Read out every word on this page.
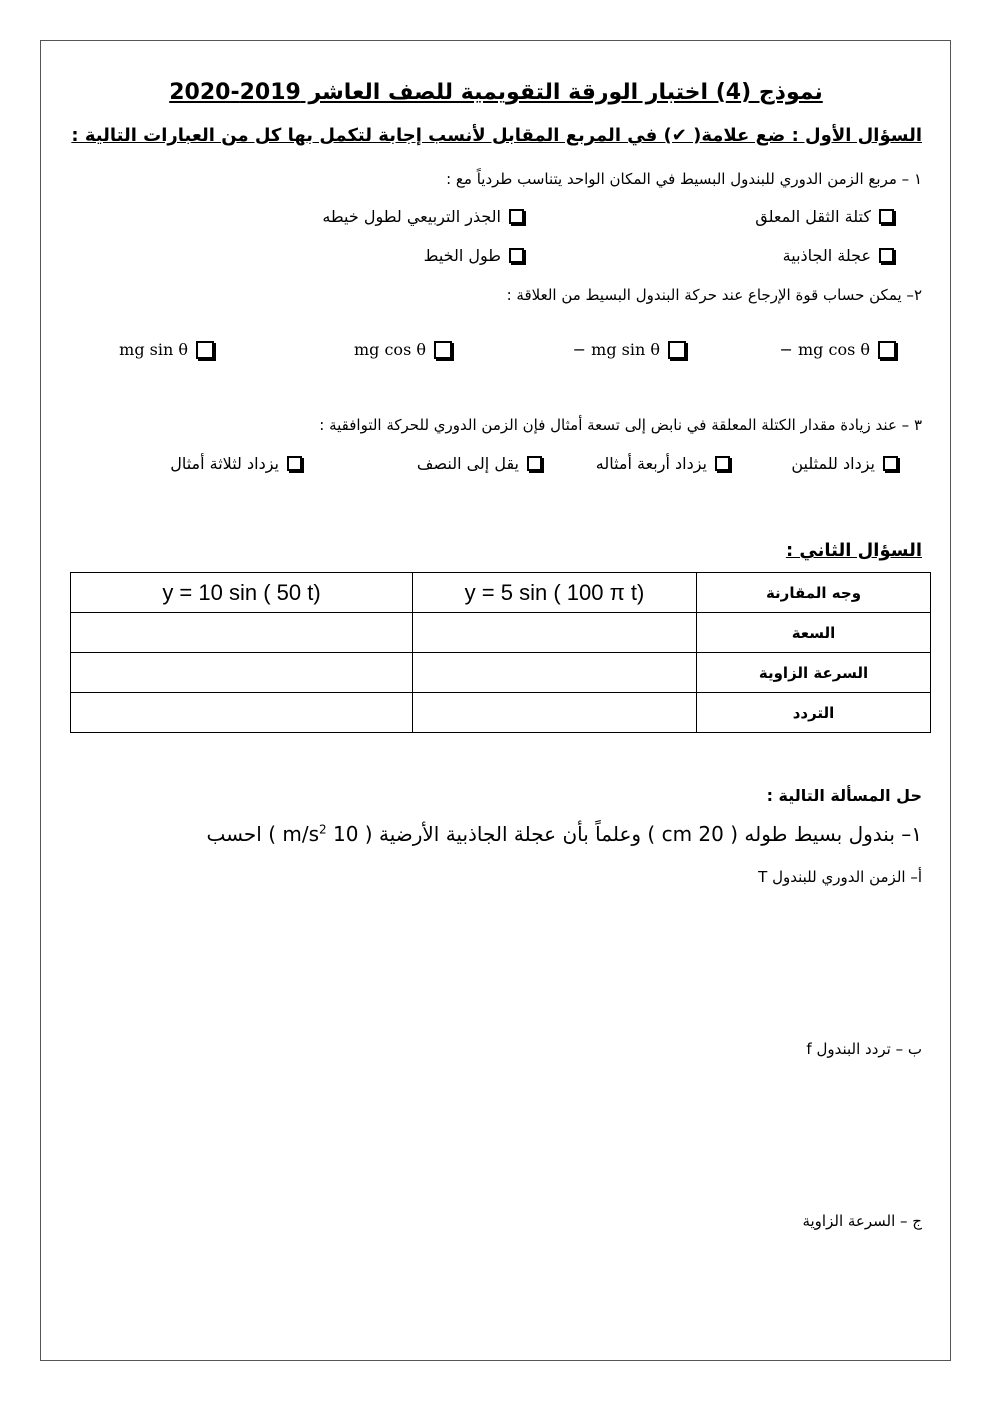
نموذج (4) اختبار الورقة التقويمية للصف العاشر 2019-2020
السؤال الأول : ضع علامة( ✔) في المربع المقابل لأنسب إجابة لتكمل بها كل من العبارات التالية :
١ – مربع الزمن الدوري للبندول البسيط في المكان الواحد يتناسب طردياً مع :
كتلة الثقل المعلق
الجذر التربيعي لطول خيطه
عجلة الجاذبية
طول الخيط
٢– يمكن حساب قوة الإرجاع عند حركة البندول البسيط من العلاقة :
− mg cos θ
− mg sin θ
mg cos θ
mg sin θ
٣ – عند زيادة مقدار الكتلة المعلقة في نابض إلى تسعة أمثال فإن الزمن الدوري للحركة التوافقية :
يزداد للمثلين
يزداد أربعة أمثاله
يقل إلى النصف
يزداد لثلاثة أمثال
السؤال الثاني :
وجه المقارنة	y = 5 sin ( 100 π t)	y = 10 sin ( 50 t)
السعة		
السرعة الزاوية		
التردد		
حل المسألة التالية :
١– بندول بسيط طوله ( 20 cm ) وعلماً بأن عجلة الجاذبية الأرضية ( 10 $m/s^2$ ) احسب
أ– الزمن الدوري للبندول T
ب – تردد البندول f
ج – السرعة الزاوية
